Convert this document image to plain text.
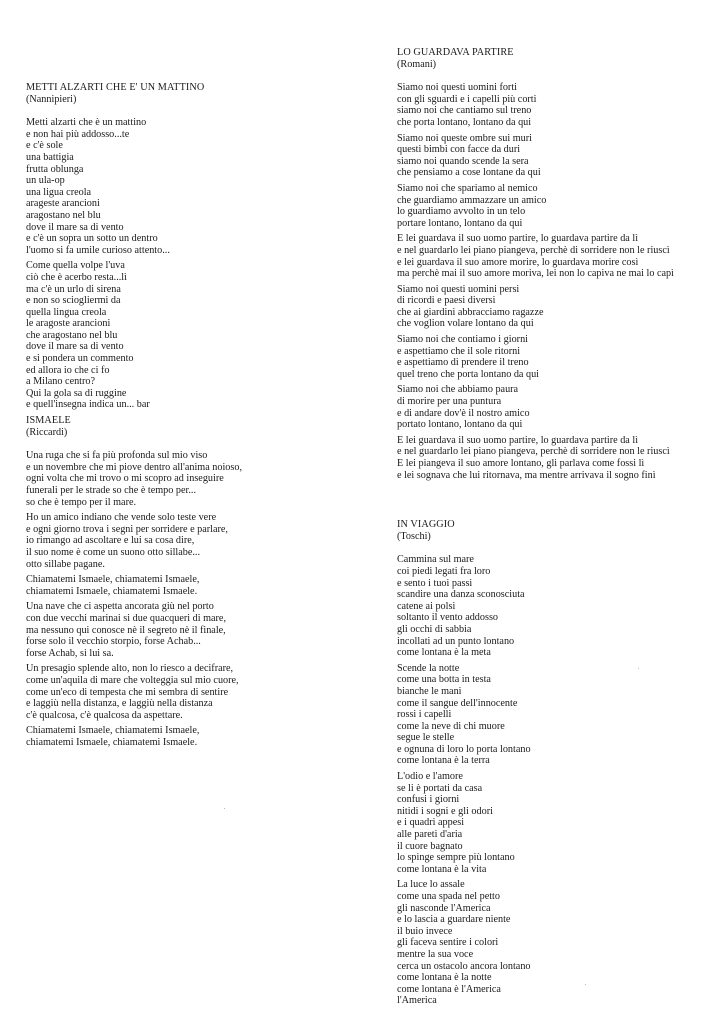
METTI ALZARTI CHE E' UN MATTINO
(Nannipieri)
Metti alzarti che è un mattino
e non hai più addosso...te
e c'è sole
una battigia
frutta oblunga
un ula-op
una ligua creola
arageste arancioni
aragostano nel blu
dove il mare sa di vento
e c'è un sopra un sotto un dentro
l'uomo si fa umile curioso attento...
Come quella volpe l'uva
ciò che è acerbo resta...lì
ma c'è un urlo di sirena
e non so sciogliermi da
quella lingua creola
le aragoste arancioni
che aragostano nel blu
dove il mare sa di vento
e si pondera un commento
ed allora io che ci fo
a Milano centro?
Qui la gola sa di ruggine
e quell'insegna indica un... bar
ISMAELE
(Riccardi)
Una ruga che si fa più profonda sul mio viso
e un novembre che mi piove dentro all'anima noioso,
ogni volta che mi trovo o mi scopro ad inseguire
funerali per le strade so che è tempo per...
so che è tempo per il mare.
Ho un amico indiano che vende solo teste vere
e ogni giorno trova i segni per sorridere e parlare,
io rimango ad ascoltare e lui sa cosa dire,
il suo nome è come un suono otto sillabe...
otto sillabe pagane.
Chiamatemi Ismaele, chiamatemi Ismaele,
chiamatemi Ismaele, chiamatemi Ismaele.
Una nave che ci aspetta ancorata giù nel porto
con due vecchi marinai si due quacqueri di mare,
ma nessuno qui conosce nè il segreto nè il finale,
forse solo il vecchio storpio, forse Achab...
forse Achab, si lui sa.
Un presagio splende alto, non lo riesco a decifrare,
come un'aquila di mare che volteggia sul mio cuore,
come un'eco di tempesta che mi sembra di sentire
e laggiù nella distanza, e laggiù nella distanza
c'è qualcosa, c'è qualcosa da aspettare.
Chiamatemi Ismaele, chiamatemi Ismaele,
chiamatemi Ismaele, chiamatemi Ismaele.
LO GUARDAVA PARTIRE
(Romani)
Siamo noi questi uomini forti
con gli sguardi e i capelli più corti
siamo noi che cantiamo sul treno
che porta lontano, lontano da qui
Siamo noi queste ombre sui muri
questi bimbi con facce da duri
siamo noi quando scende la sera
che pensiamo a cose lontane da qui
Siamo noi che spariamo al nemico
che guardiamo ammazzare un amico
lo guardiamo avvolto in un telo
portare lontano, lontano da qui
E lei guardava il suo uomo partire, lo guardava partire da lì
e nel guardarlo lei piano piangeva, perchè di sorridere non le riuscì
e lei guardava il suo amore morire, lo guardava morire così
ma perchè mai il suo amore moriva, lei non lo capiva ne mai lo capì
Siamo noi questi uomini persi
di ricordi e paesi diversi
che ai giardini abbracciamo ragazze
che voglion volare lontano da qui
Siamo noi che contiamo i giorni
e aspettiamo che il sole ritorni
e aspettiamo di prendere il treno
quel treno che porta lontano da qui
Siamo noi che abbiamo paura
di morire per una puntura
e di andare dov'è il nostro amico
portato lontano, lontano da qui
E lei guardava il suo uomo partire, lo guardava partire da lì
e nel guardarlo lei piano piangeva, perchè di sorridere non le riuscì
E lei piangeva il suo amore lontano, gli parlava come fossi lì
e lei sognava che lui ritornava, ma mentre arrivava il sogno finì
IN VIAGGIO
(Toschi)
Cammina sul mare
coi piedi legati fra loro
e sento i tuoi passi
scandire una danza sconosciuta
catene ai polsi
soltanto il vento addosso
gli occhi di sabbia
incollati ad un punto lontano
come lontana è la meta
Scende la notte
come una botta in testa
bianche le mani
come il sangue dell'innocente
rossi i capelli
come la neve di chi muore
segue le stelle
e ognuna di loro lo porta lontano
come lontana è la terra
L'odio e l'amore
se li è portati da casa
confusi i giorni
nitidi i sogni e gli odori
e i quadri appesi
alle pareti d'aria
il cuore bagnato
lo spinge sempre più lontano
come lontana è la vita
La luce lo assale
come una spada nel petto
gli nasconde l'America
e lo lascia a guardare niente
il buio invece
gli faceva sentire i colori
mentre la sua voce
cerca un ostacolo ancora lontano
come lontana è la notte
come lontana è l'America
l'America
